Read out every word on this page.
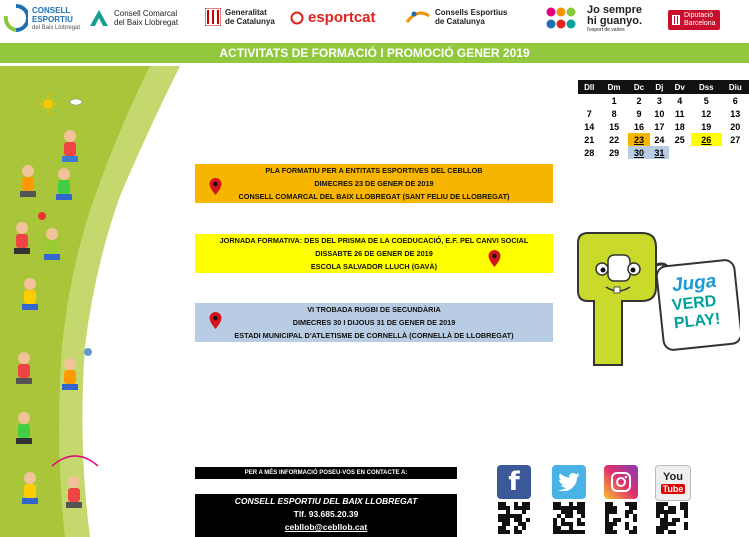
CONSELL
ESPORTIU
del Baix Llobregat
Consell Comarcal
del Baix Llobregat
Generalitat
de Catalunya esportcat	Consells Esportius
de Catalunya
Jo sempre
hi guanyo.
l'esport de valors
Diputació
Barcelona
ACTIVITATS DE FORMACIÓ I PROMOCIÓ GENER 2019
Dll	Dm	Dc	Dj	Dv	Dss	Diu
	1	2	3	4	5	6
7	8	9	10	11	12	13
14	15	16	17	18	19	20
21	22	23	24	25	26	27
28	29	30	31			
PLA FORMATIU PER A ENTITATS ESPORTIVES DEL CEBLLOB
DIMECRES 23 DE GENER DE 2019
CONSELL COMARCAL DEL BAIX LLOBREGAT (SANT FELIU DE LLOBREGAT)
JORNADA FORMATIVA: DES DEL PRISMA DE LA COEDUCACIÓ, E.F. PEL CANVI SOCIAL
DISSABTE 26 DE GENER DE 2019
ESCOLA SALVADOR LLUCH (GAVÀ)
VI TROBADA RUGBI DE SECUNDÀRIA
DIMECRES 30 I DIJOUS 31 DE GENER DE 2019
ESTADI MUNICIPAL D'ATLETISME DE CORNELLÀ (CORNELLÀ DE LLOBREGAT)
Juga
VERD
PLAY!
PER A MÉS INFORMACIÓ POSEU-VOS EN CONTACTE A:
CONSELL ESPORTIU DEL BAIX LLOBREGAT
Tlf. 93.685.20.39
cebllob@cebllob.cat
f	You
Tube
